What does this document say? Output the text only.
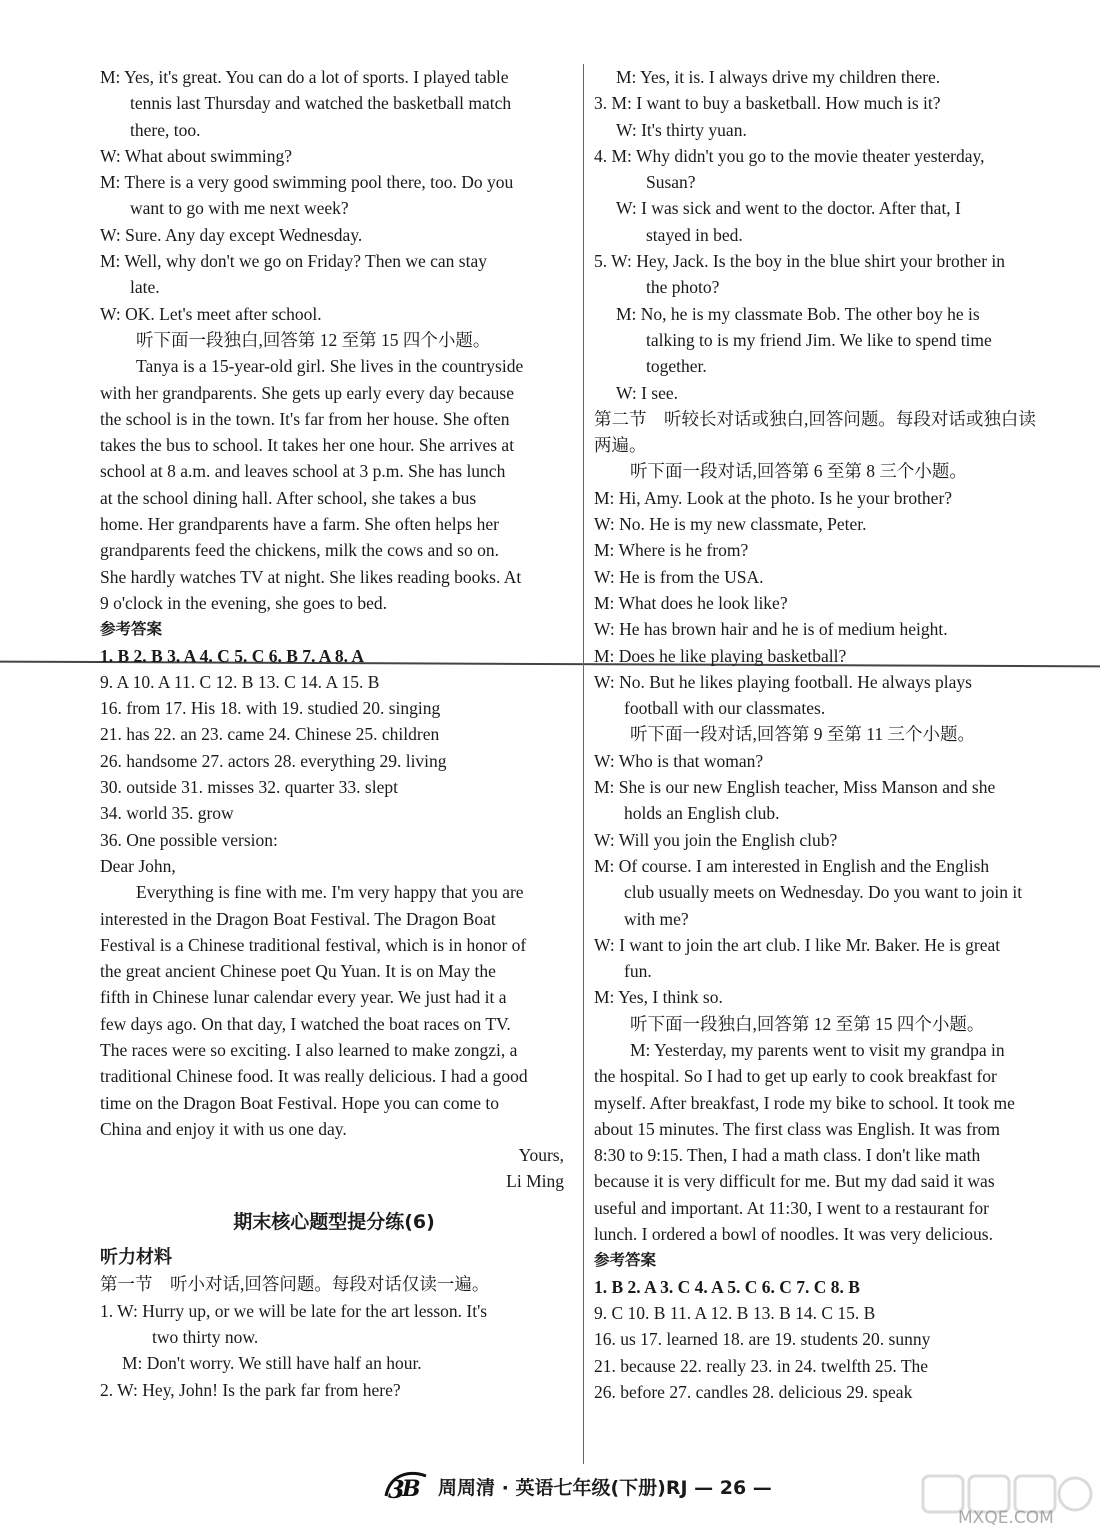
M: Yes, it's great. You can do a lot of sports. I played table
tennis last Thursday and watched the basketball match
there, too.
W: What about swimming?
M: There is a very good swimming pool there, too. Do you
want to go with me next week?
W: Sure. Any day except Wednesday.
M: Well, why don't we go on Friday? Then we can stay
late.
W: OK. Let's meet after school.
听下面一段独白,回答第 12 至第 15 四个小题。
Tanya is a 15-year-old girl. She lives in the countryside
with her grandparents. She gets up early every day because
the school is in the town. It's far from her house. She often
takes the bus to school. It takes her one hour. She arrives at
school at 8 a.m. and leaves school at 3 p.m. She has lunch
at the school dining hall. After school, she takes a bus
home. Her grandparents have a farm. She often helps her
grandparents feed the chickens, milk the cows and so on.
She hardly watches TV at night. She likes reading books. At
9 o'clock in the evening, she goes to bed.
参考答案
1. B 2. B 3. A 4. C 5. C 6. B 7. A 8. A
9. A 10. A 11. C 12. B 13. C 14. A 15. B
16. from 17. His 18. with 19. studied 20. singing
21. has 22. an 23. came 24. Chinese 25. children
26. handsome 27. actors 28. everything 29. living
30. outside 31. misses 32. quarter 33. slept
34. world 35. grow
36. One possible version:
Dear John,
Everything is fine with me. I'm very happy that you are
interested in the Dragon Boat Festival. The Dragon Boat
Festival is a Chinese traditional festival, which is in honor of
the great ancient Chinese poet Qu Yuan. It is on May the
fifth in Chinese lunar calendar every year. We just had it a
few days ago. On that day, I watched the boat races on TV.
The races were so exciting. I also learned to make zongzi, a
traditional Chinese food. It was really delicious. I had a good
time on the Dragon Boat Festival. Hope you can come to
China and enjoy it with us one day.
Yours,
Li Ming
期末核心题型提分练(6)
听力材料
第一节　听小对话,回答问题。每段对话仅读一遍。
1. W: Hurry up, or we will be late for the art lesson. It's
two thirty now.
M: Don't worry. We still have half an hour.
2. W: Hey, John! Is the park far from here?
M: Yes, it is. I always drive my children there.
3. M: I want to buy a basketball. How much is it?
W: It's thirty yuan.
4. M: Why didn't you go to the movie theater yesterday,
Susan?
W: I was sick and went to the doctor. After that, I
stayed in bed.
5. W: Hey, Jack. Is the boy in the blue shirt your brother in
the photo?
M: No, he is my classmate Bob. The other boy he is
talking to is my friend Jim. We like to spend time
together.
W: I see.
第二节　听较长对话或独白,回答问题。每段对话或独白读
两遍。
听下面一段对话,回答第 6 至第 8 三个小题。
M: Hi, Amy. Look at the photo. Is he your brother?
W: No. He is my new classmate, Peter.
M: Where is he from?
W: He is from the USA.
M: What does he look like?
W: He has brown hair and he is of medium height.
M: Does he like playing basketball?
W: No. But he likes playing football. He always plays
football with our classmates.
听下面一段对话,回答第 9 至第 11 三个小题。
W: Who is that woman?
M: She is our new English teacher, Miss Manson and she
holds an English club.
W: Will you join the English club?
M: Of course. I am interested in English and the English
club usually meets on Wednesday. Do you want to join it
with me?
W: I want to join the art club. I like Mr. Baker. He is great
fun.
M: Yes, I think so.
听下面一段独白,回答第 12 至第 15 四个小题。
M: Yesterday, my parents went to visit my grandpa in
the hospital. So I had to get up early to cook breakfast for
myself. After breakfast, I rode my bike to school. It took me
about 15 minutes. The first class was English. It was from
8:30 to 9:15. Then, I had a math class. I don't like math
because it is very difficult for me. But my dad said it was
useful and important. At 11:30, I went to a restaurant for
lunch. I ordered a bowl of noodles. It was very delicious.
参考答案
1. B 2. A 3. C 4. A 5. C 6. C 7. C 8. B
9. C 10. B 11. A 12. B 13. B 14. C 15. B
16. us 17. learned 18. are 19. students 20. sunny
21. because 22. really 23. in 24. twelfth 25. The
26. before 27. candles 28. delicious 29. speak
3
B 周周清 · 英语七年级(下册)RJ — 26 —
MXQE.COM
